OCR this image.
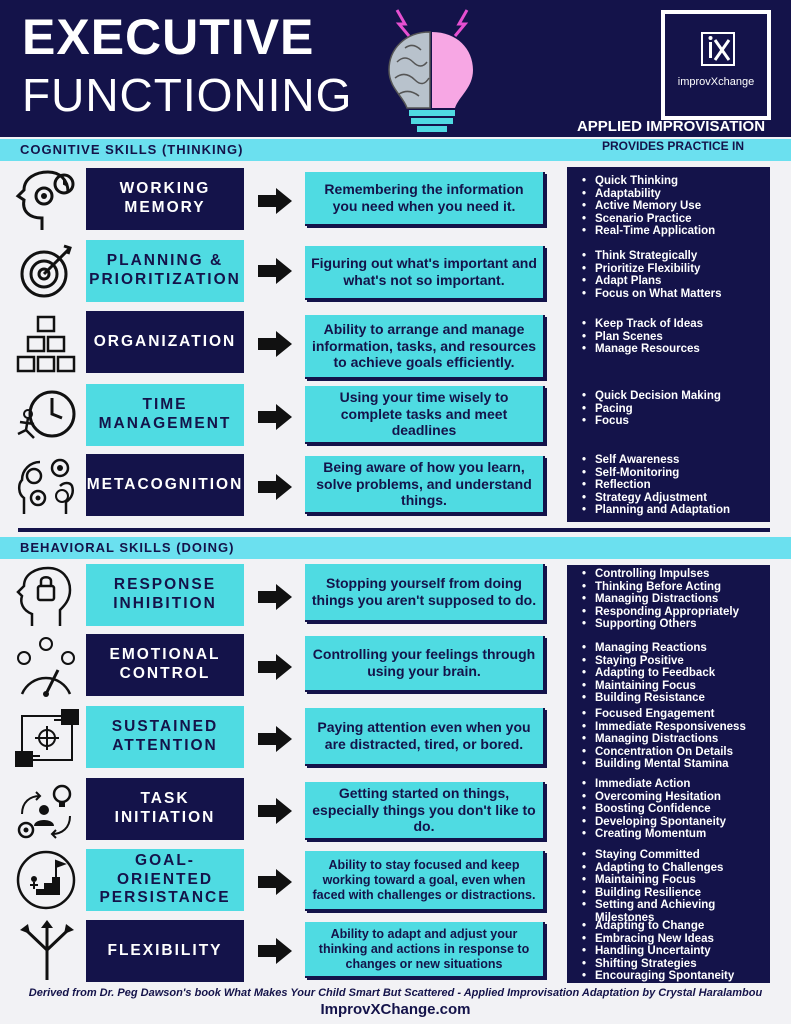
EXECUTIVE
FUNCTIONING	improvXchange
APPLIED IMPROVISATION
COGNITIVE SKILLS (THINKING)	PROVIDES PRACTICE IN
WORKING MEMORY
Remembering the information you need when you need it.
• Quick Thinking
• Adaptability
• Active Memory Use
• Scenario Practice
• Real-Time Application
PLANNING & PRIORITIZATION
Figuring out what's important and what's not so important.
• Think Strategically
• Prioritize Flexibility
• Adapt Plans
• Focus on What Matters
ORGANIZATION
Ability to arrange and manage information, tasks, and resources to achieve goals efficiently.
• Keep Track of Ideas
• Plan Scenes
• Manage Resources
TIME MANAGEMENT
Using your time wisely to complete tasks and meet deadlines
• Quick Decision Making
• Pacing
• Focus
METACOGNITION
Being aware of how you learn, solve problems, and understand things.
• Self Awareness
• Self-Monitoring
• Reflection
• Strategy Adjustment
• Planning and Adaptation
BEHAVIORAL SKILLS (DOING)
RESPONSE INHIBITION
Stopping yourself from doing things you aren't supposed to do.
• Controlling Impulses
• Thinking Before Acting
• Managing Distractions
• Responding Appropriately
• Supporting Others
EMOTIONAL CONTROL
Controlling your feelings through using your brain.
• Managing Reactions
• Staying Positive
• Adapting to Feedback
• Maintaining Focus
• Building Resistance
SUSTAINED ATTENTION
Paying attention even when you are distracted, tired, or bored.
• Focused Engagement
• Immediate Responsiveness
• Managing Distractions
• Concentration On Details
• Building Mental Stamina
TASK INITIATION
Getting started on things, especially things you don't like to do.
• Immediate Action
• Overcoming Hesitation
• Boosting Confidence
• Developing Spontaneity
• Creating Momentum
GOAL-ORIENTED PERSISTANCE
Ability to stay focused and keep working toward a goal, even when faced with challenges or distractions.
• Staying Committed
• Adapting to Challenges
• Maintaining Focus
• Building Resilience
• Setting and Achieving Milestones
FLEXIBILITY
Ability to adapt and adjust your thinking and actions in response to changes or new situations
• Adapting to Change
• Embracing New Ideas
• Handling Uncertainty
• Shifting Strategies
• Encouraging Spontaneity
Derived from Dr. Peg Dawson's book What Makes Your Child Smart But Scattered - Applied Improvisation Adaptation by Crystal Haralambou
ImprovXChange.com
